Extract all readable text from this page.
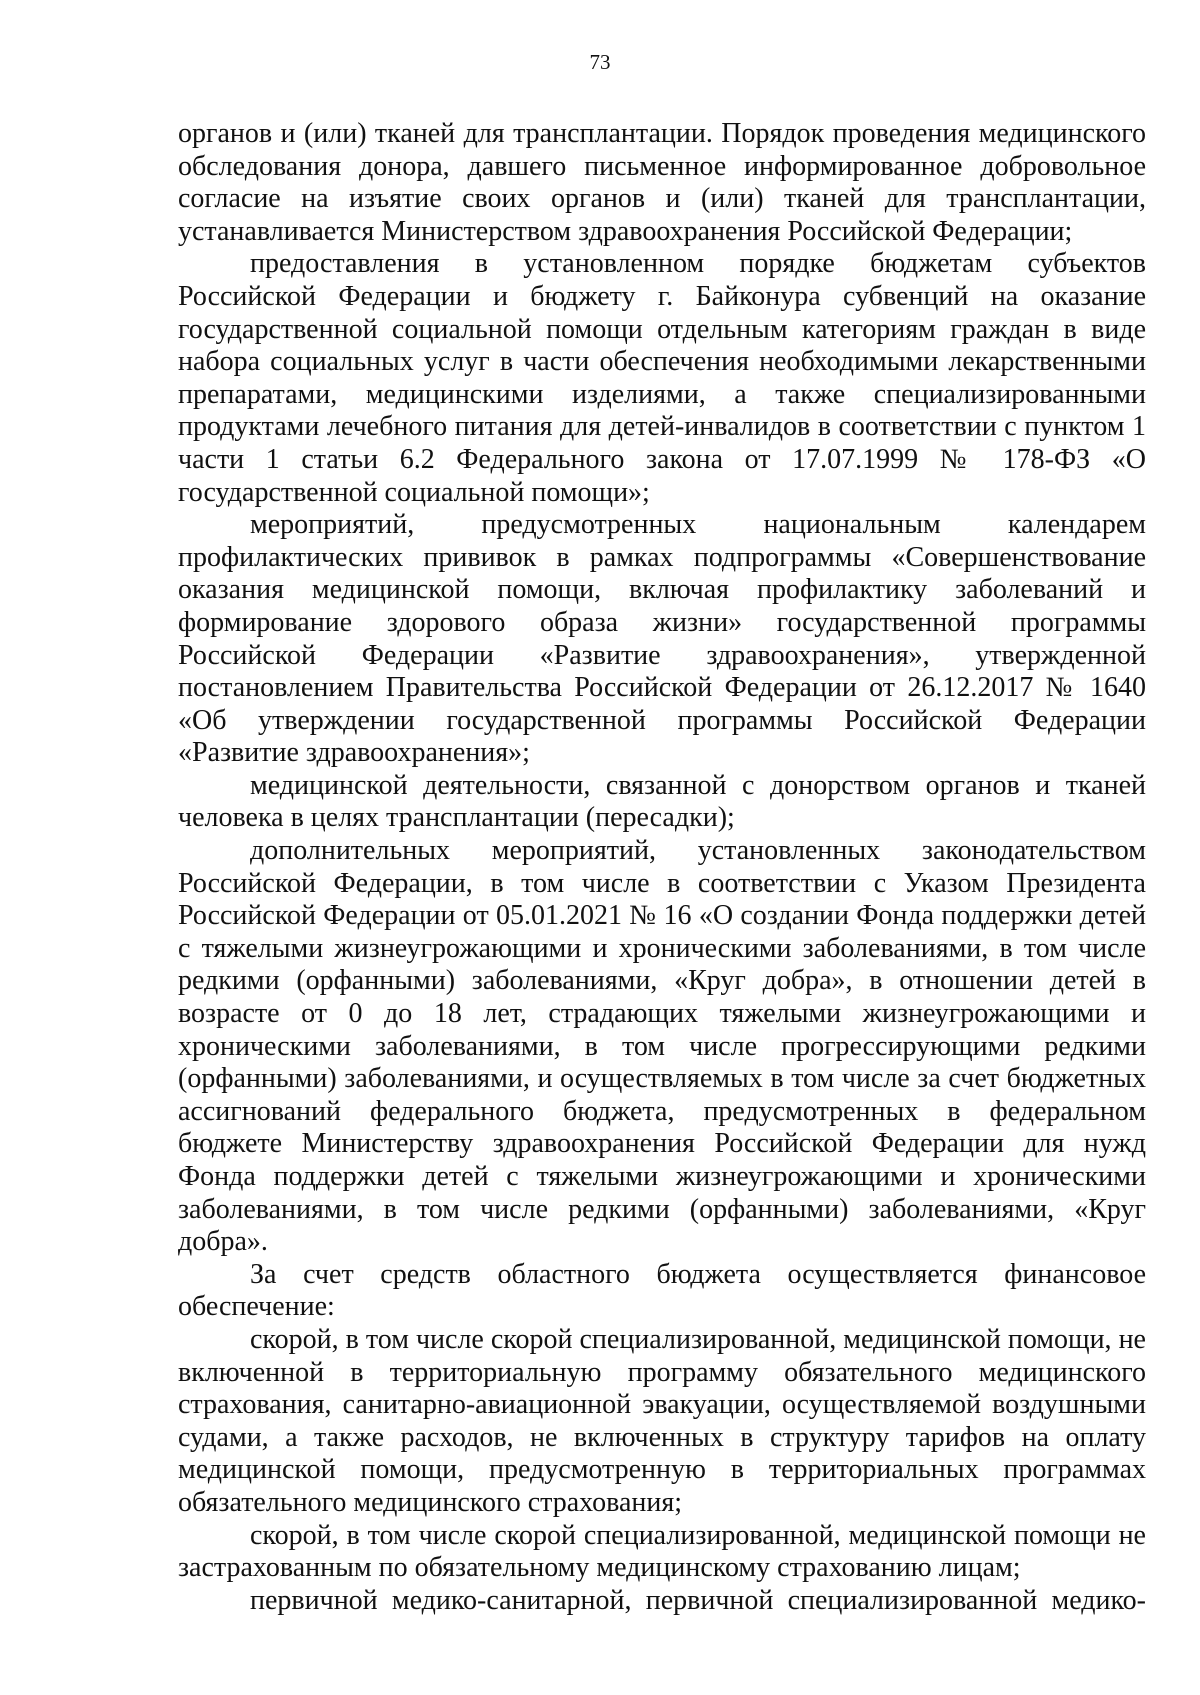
73

органов и (или) тканей для трансплантации. Порядок проведения медицинского обследования донора, давшего письменное информированное добровольное согласие на изъятие своих органов и (или) тканей для трансплантации, устанавливается Министерством здравоохранения Российской Федерации;

предоставления в установленном порядке бюджетам субъектов Российской Федерации и бюджету г. Байконура субвенций на оказание государственной социальной помощи отдельным категориям граждан в виде набора социальных услуг в части обеспечения необходимыми лекарственными препаратами, медицинскими изделиями, а также специализированными продуктами лечебного питания для детей-инвалидов в соответствии с пунктом 1 части 1 статьи 6.2 Федерального закона от 17.07.1999 № 178-ФЗ «О государственной социальной помощи»;

мероприятий, предусмотренных национальным календарем профилактических прививок в рамках подпрограммы «Совершенствование оказания медицинской помощи, включая профилактику заболеваний и формирование здорового образа жизни» государственной программы Российской Федерации «Развитие здравоохранения», утвержденной постановлением Правительства Российской Федерации от 26.12.2017 № 1640 «Об утверждении государственной программы Российской Федерации «Развитие здравоохранения»;

медицинской деятельности, связанной с донорством органов и тканей человека в целях трансплантации (пересадки);

дополнительных мероприятий, установленных законодательством Российской Федерации, в том числе в соответствии с Указом Президента Российской Федерации от 05.01.2021 № 16 «О создании Фонда поддержки детей с тяжелыми жизнеугрожающими и хроническими заболеваниями, в том числе редкими (орфанными) заболеваниями, «Круг добра», в отношении детей в возрасте от 0 до 18 лет, страдающих тяжелыми жизнеугрожающими и хроническими заболеваниями, в том числе прогрессирующими редкими (орфанными) заболеваниями, и осуществляемых в том числе за счет бюджетных ассигнований федерального бюджета, предусмотренных в федеральном бюджете Министерству здравоохранения Российской Федерации для нужд Фонда поддержки детей с тяжелыми жизнеугрожающими и хроническими заболеваниями, в том числе редкими (орфанными) заболеваниями, «Круг добра».

За счет средств областного бюджета осуществляется финансовое обеспечение:

скорой, в том числе скорой специализированной, медицинской помощи, не включенной в территориальную программу обязательного медицинского страхования, санитарно-авиационной эвакуации, осуществляемой воздушными судами, а также расходов, не включенных в структуру тарифов на оплату медицинской помощи, предусмотренную в территориальных программах обязательного медицинского страхования;

скорой, в том числе скорой специализированной, медицинской помощи не застрахованным по обязательному медицинскому страхованию лицам;

первичной медико-санитарной, первичной специализированной медико-
